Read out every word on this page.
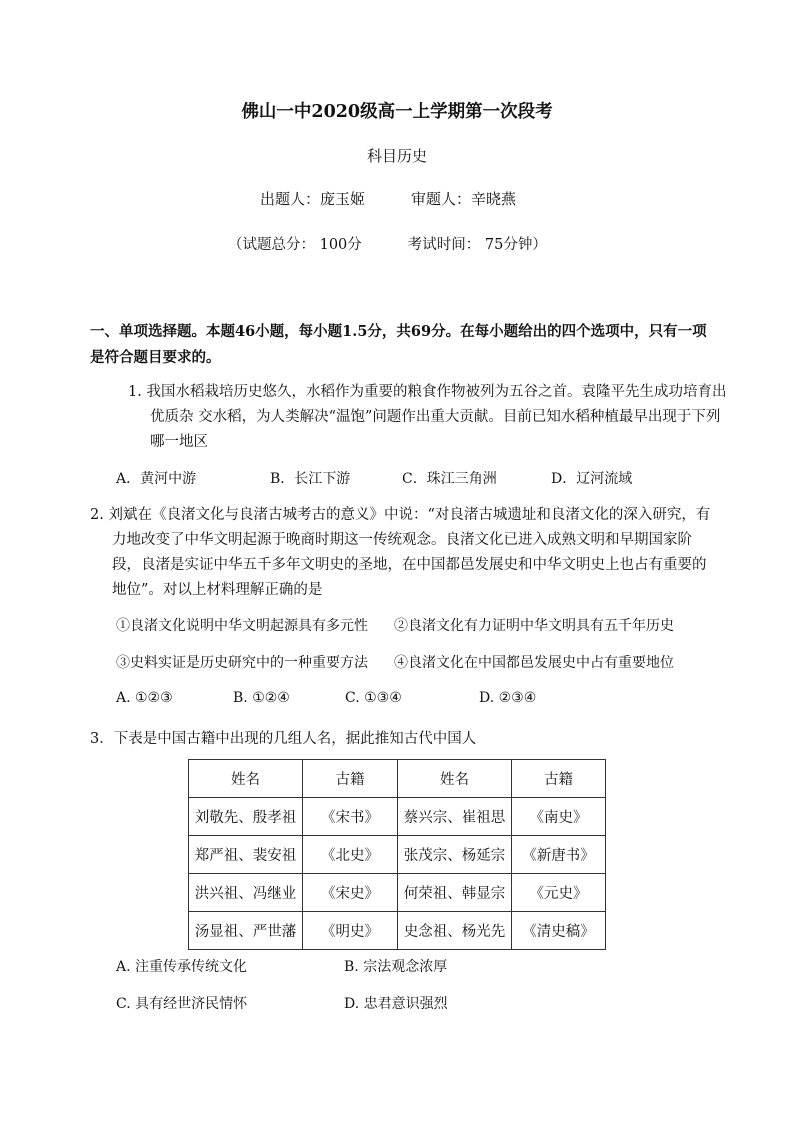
佛山一中2020级高一上学期第一次段考
科目历史
出题人：庞玉姬	审题人：辛晓燕
（试题总分： 100分	考试时间： 75分钟）
一、单项选择题。本题46小题，每小题1.5分，共69分。在每小题给出的四个选项中，只有一项是符合题目要求的。
1. 我国水稻栽培历史悠久，水稻作为重要的粮食作物被列为五谷之首。袁隆平先生成功培育出优质杂 交水稻，为人类解决“温饱”问题作出重大贡献。目前已知水稻种植最早出现于下列哪一地区
A．黄河中游	B．长江下游	C．珠江三角洲	D．辽河流域
2. 刘斌在《良渚文化与良渚古城考古的意义》中说：“对良渚古城遗址和良渚文化的深入研究，有力地改变了中华文明起源于晚商时期这一传统观念。良渚文化已进入成熟文明和早期国家阶段，良渚是实证中华五千多年文明史的圣地，在中国都邑发展史和中华文明史上也占有重要的地位”。对以上材料理解正确的是
①良渚文化说明中华文明起源具有多元性 ②良渚文化有力证明中华文明具有五千年历史
③史料实证是历史研究中的一种重要方法 ④良渚文化在中国都邑发展史中占有重要地位
A. ①②③	B. ①②④	C. ①③④	D. ②③④
3．下表是中国古籍中出现的几组人名，据此推知古代中国人
姓名	古籍	姓名	古籍
刘敬先、殷孝祖	《宋书》	蔡兴宗、崔祖思	《南史》
郑严祖、裴安祖	《北史》	张茂宗、杨延宗	《新唐书》
洪兴祖、冯继业	《宋史》	何荣祖、韩显宗	《元史》
汤显祖、严世藩	《明史》	史念祖、杨光先	《清史稿》
A. 注重传承传统文化	B. 宗法观念浓厚
C. 具有经世济民情怀	D. 忠君意识强烈
